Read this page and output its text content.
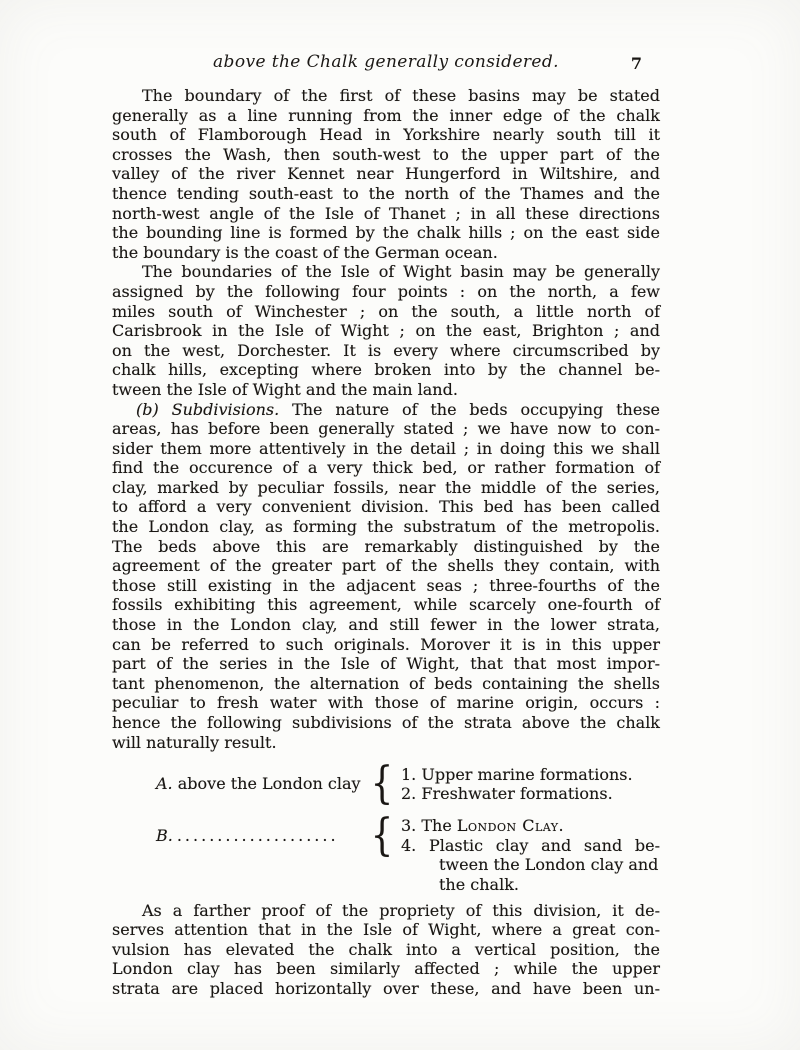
above the Chalk generally considered.	7
The boundary of the first of these basins may be stated
generally as a line running from the inner edge of the chalk
south of Flamborough Head in Yorkshire nearly south till it
crosses the Wash, then south-west to the upper part of the
valley of the river Kennet near Hungerford in Wiltshire, and
thence tending south-east to the north of the Thames and the
north-west angle of the Isle of Thanet ; in all these directions
the bounding line is formed by the chalk hills ; on the east side
the boundary is the coast of the German ocean.
The boundaries of the Isle of Wight basin may be generally
assigned by the following four points : on the north, a few
miles south of Winchester ; on the south, a little north of
Carisbrook in the Isle of Wight ; on the east, Brighton ; and
on the west, Dorchester. It is every where circumscribed by
chalk hills, excepting where broken into by the channel be-
tween the Isle of Wight and the main land.
(b) Subdivisions. The nature of the beds occupying these
areas, has before been generally stated ; we have now to con-
sider them more attentively in the detail ; in doing this we shall
find the occurence of a very thick bed, or rather formation of
clay, marked by peculiar fossils, near the middle of the series,
to afford a very convenient division. This bed has been called
the London clay, as forming the substratum of the metropolis.
The beds above this are remarkably distinguished by the
agreement of the greater part of the shells they contain, with
those still existing in the adjacent seas ; three-fourths of the
fossils exhibiting this agreement, while scarcely one-fourth of
those in the London clay, and still fewer in the lower strata,
can be referred to such originals. Morover it is in this upper
part of the series in the Isle of Wight, that that most impor-
tant phenomenon, the alternation of beds containing the shells
peculiar to fresh water with those of marine origin, occurs :
hence the following subdivisions of the strata above the chalk
will naturally result.
A. above the London clay { 1. Upper marine formations.
2. Freshwater formations.
B. .................... { 3. The London Clay.
4. Plastic clay and sand be-
tween the London clay and
the chalk.
As a farther proof of the propriety of this division, it de-
serves attention that in the Isle of Wight, where a great con-
vulsion has elevated the chalk into a vertical position, the
London clay has been similarly affected ; while the upper
strata are placed horizontally over these, and have been un-
